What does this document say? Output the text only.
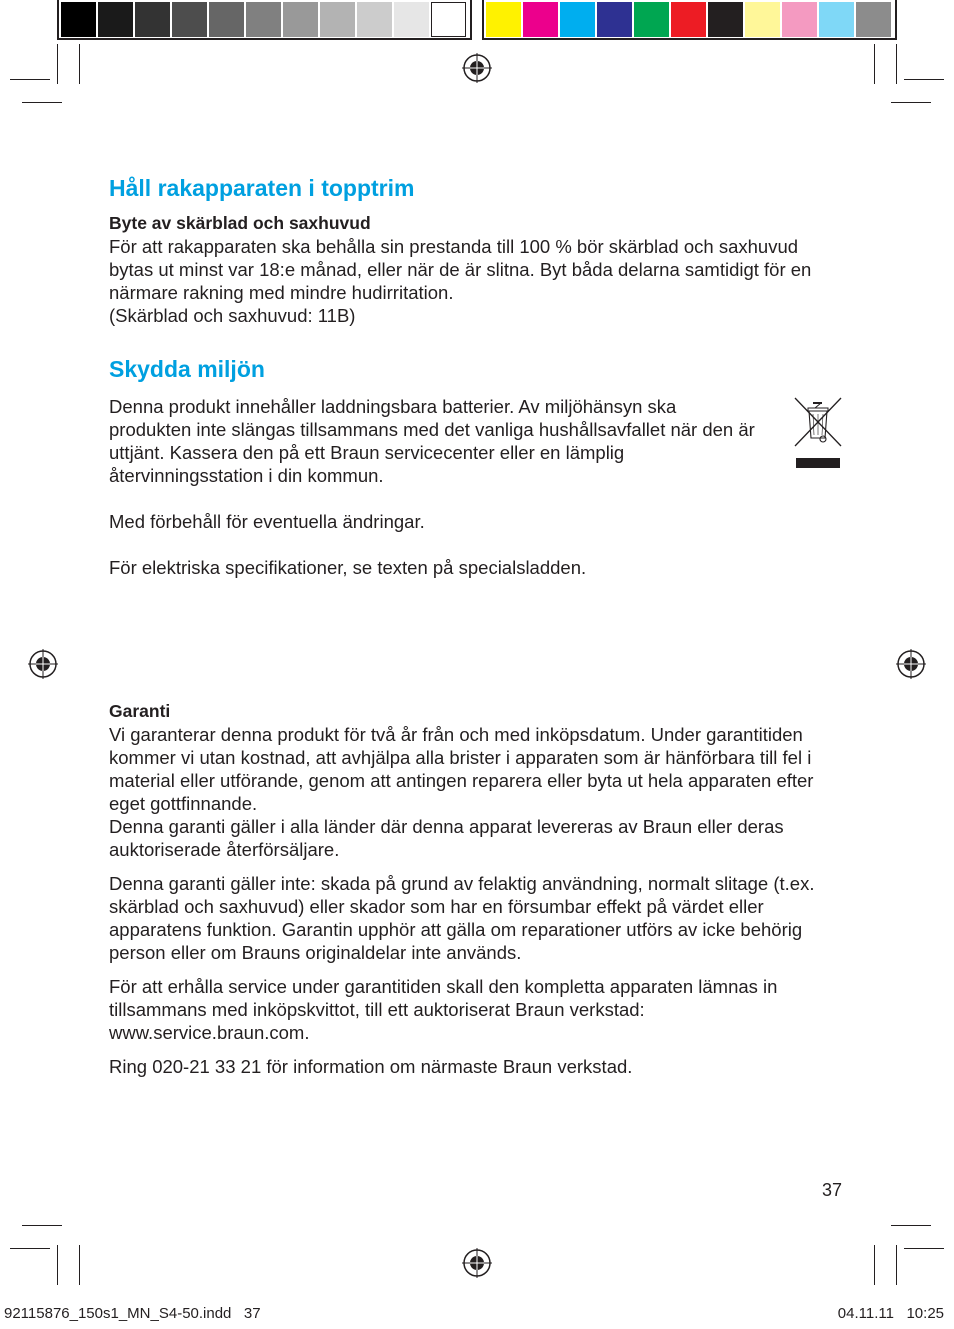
Håll rakapparaten i topptrim
Byte av skärblad och saxhuvud

För att rakapparaten ska behålla sin prestanda till 100 % bör skärblad och saxhuvud bytas ut minst var 18:e månad, eller när de är slitna. Byt båda delarna samtidigt för en närmare rakning med mindre hudirritation.

(Skärblad och saxhuvud: 11B)

Skydda miljön

Denna produkt innehåller laddningsbara batterier. Av miljöhänsyn ska produkten inte slängas tillsammans med det vanliga hushållsavfallet när den är uttjänt. Kassera den på ett Braun servicecenter eller en lämplig återvinningsstation i din kommun.

Med förbehåll för eventuella ändringar.

För elektriska specifikationer, se texten på specialsladden.

Garanti

Vi garanterar denna produkt för två år från och med inköpsdatum. Under garantitiden kommer vi utan kostnad, att avhjälpa alla brister i apparaten som är hänförbara till fel i material eller utförande, genom att antingen reparera eller byta ut hela apparaten efter eget gottfinnande.

Denna garanti gäller i alla länder där denna apparat levereras av Braun eller deras auktoriserade återförsäljare.

Denna garanti gäller inte: skada på grund av felaktig användning, normalt slitage (t.ex. skärblad och saxhuvud) eller skador som har en försumbar effekt på värdet eller apparatens funktion. Garantin upphör att gälla om reparationer utförs av icke behörig person eller om Brauns originaldelar inte används.

För att erhålla service under garantitiden skall den kompletta apparaten lämnas in tillsammans med inköpskvittot, till ett auktoriserat Braun verkstad: www.service.braun.com.

Ring 020-21 33 21 för information om närmaste Braun verkstad.

37
92115876_150s1_MN_S4-50.indd   37	04.11.11   10:25
